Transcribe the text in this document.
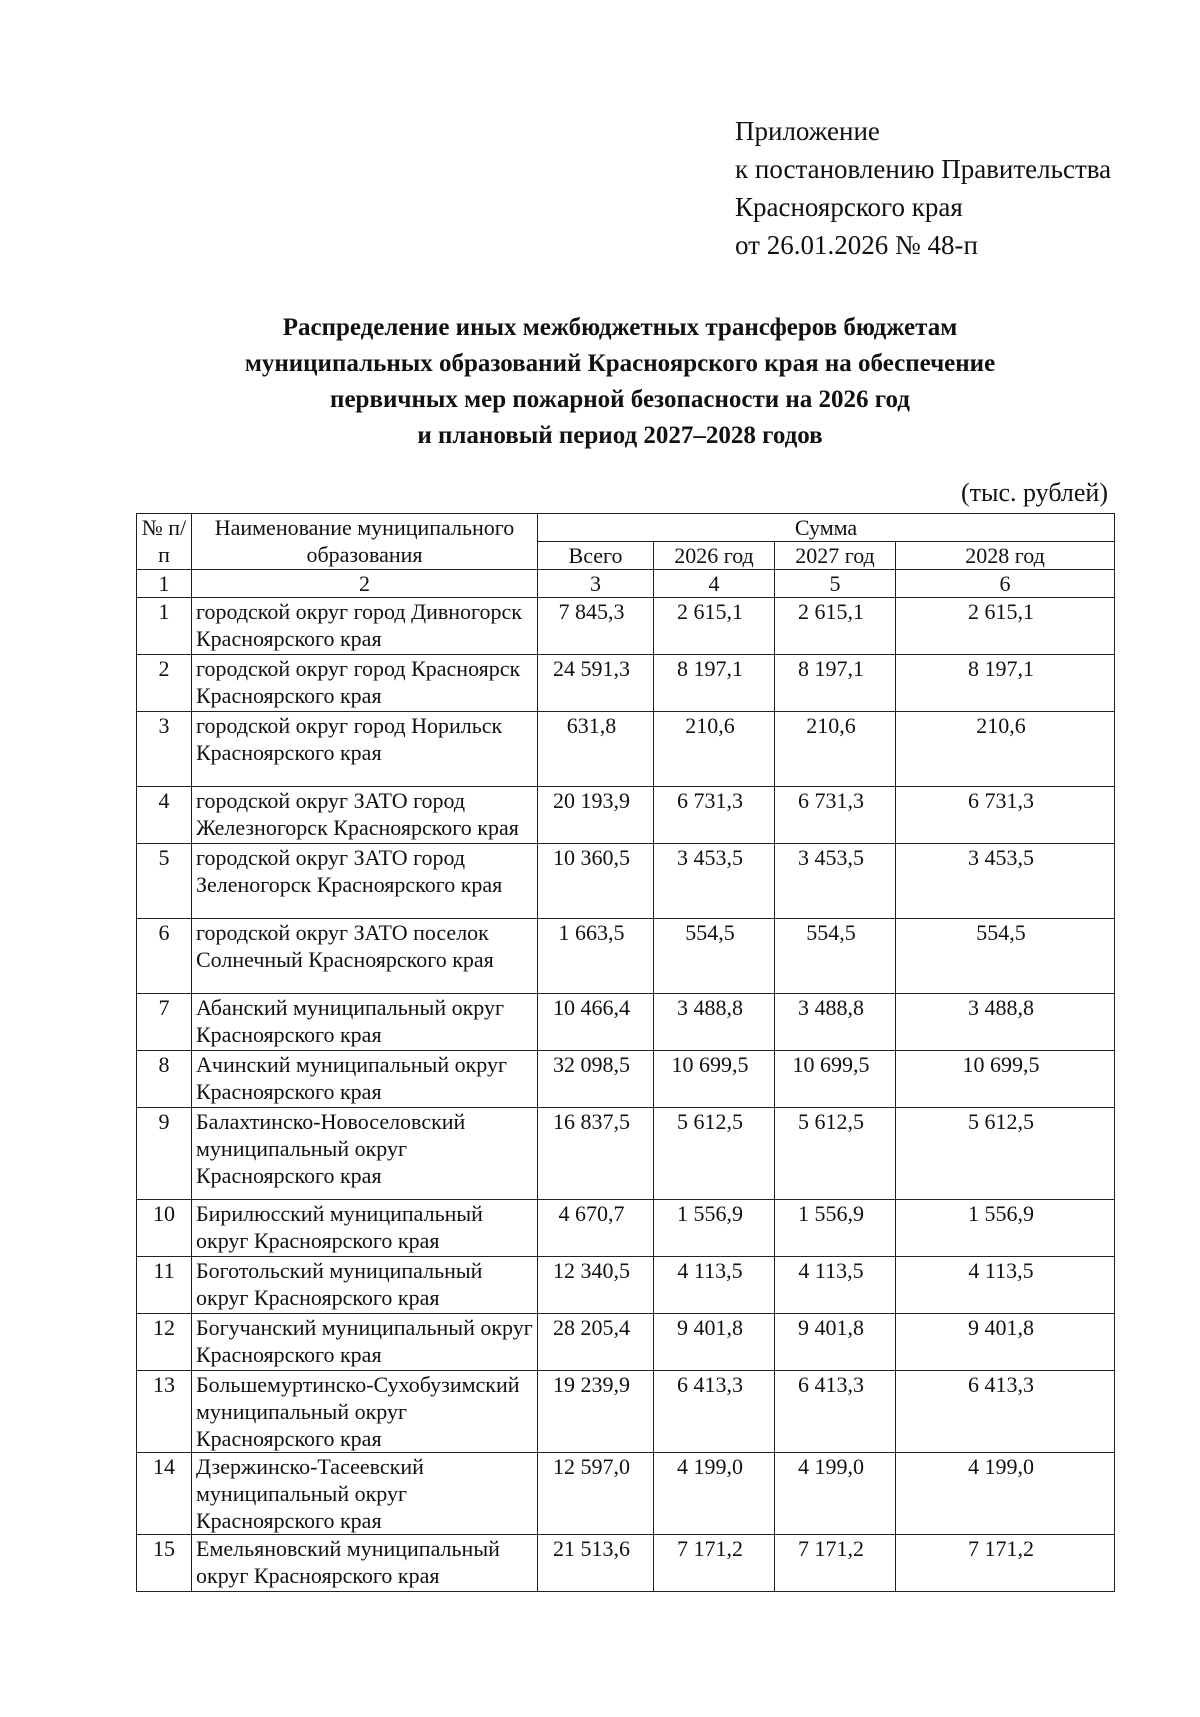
Приложение
к постановлению Правительства
Красноярского края
от 26.01.2026 № 48-п
Распределение иных межбюджетных трансферов бюджетам
муниципальных образований Красноярского края на обеспечение
первичных мер пожарной безопасности на 2026 год
и плановый период 2027–2028 годов
(тыс. рублей)
№ п/п	Наименование муниципального образования	Сумма			
		Всего	2026 год	2027 год	2028 год
1	2	3	4	5	6
1	городской округ город Дивногорск Красноярского края	7 845,3	2 615,1	2 615,1	2 615,1
2	городской округ город Красноярск Красноярского края	24 591,3	8 197,1	8 197,1	8 197,1
3	городской округ город Норильск Красноярского края	631,8	210,6	210,6	210,6
4	городской округ ЗАТО город Железногорск Красноярского края	20 193,9	6 731,3	6 731,3	6 731,3
5	городской округ ЗАТО город Зеленогорск Красноярского края	10 360,5	3 453,5	3 453,5	3 453,5
6	городской округ ЗАТО поселок Солнечный Красноярского края	1 663,5	554,5	554,5	554,5
7	Абанский муниципальный округ Красноярского края	10 466,4	3 488,8	3 488,8	3 488,8
8	Ачинский муниципальный округ Красноярского края	32 098,5	10 699,5	10 699,5	10 699,5
9	Балахтинско-Новоселовский муниципальный округ Красноярского края	16 837,5	5 612,5	5 612,5	5 612,5
10	Бирилюсский муниципальный округ Красноярского края	4 670,7	1 556,9	1 556,9	1 556,9
11	Боготольский муниципальный округ Красноярского края	12 340,5	4 113,5	4 113,5	4 113,5
12	Богучанский муниципальный округ Красноярского края	28 205,4	9 401,8	9 401,8	9 401,8
13	Большемуртинско-Сухобузимский муниципальный округ Красноярского края	19 239,9	6 413,3	6 413,3	6 413,3
14	Дзержинско-Тасеевский муниципальный округ Красноярского края	12 597,0	4 199,0	4 199,0	4 199,0
15	Емельяновский муниципальный округ Красноярского края	21 513,6	7 171,2	7 171,2	7 171,2
